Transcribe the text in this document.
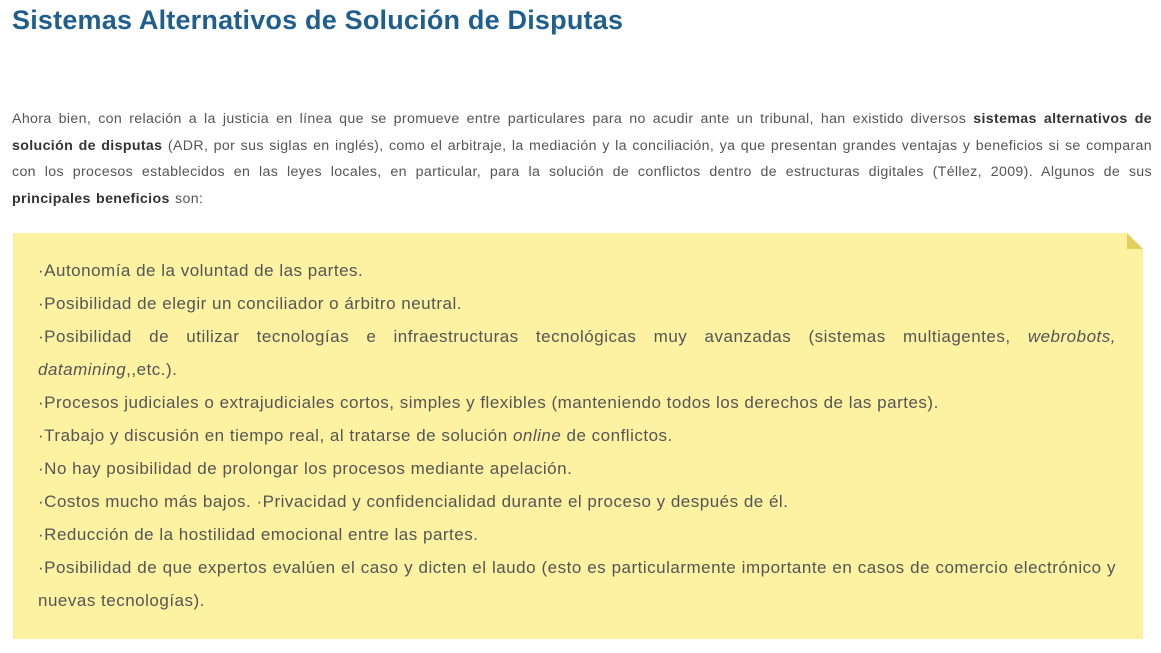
Sistemas Alternativos de Solución de Disputas

Ahora bien, con relación a la justicia en línea que se promueve entre particulares para no acudir ante un tribunal, han existido diversos sistemas alternativos de solución de disputas (ADR, por sus siglas en inglés), como el arbitraje, la mediación y la conciliación, ya que presentan grandes ventajas y beneficios si se comparan con los procesos establecidos en las leyes locales, en particular, para la solución de conflictos dentro de estructuras digitales (Téllez, 2009). Algunos de sus principales beneficios son:

·Autonomía de la voluntad de las partes.
·Posibilidad de elegir un conciliador o árbitro neutral.
·Posibilidad de utilizar tecnologías e infraestructuras tecnológicas muy avanzadas (sistemas multiagentes, webrobots, datamining,,etc.).
·Procesos judiciales o extrajudiciales cortos, simples y flexibles (manteniendo todos los derechos de las partes).
·Trabajo y discusión en tiempo real, al tratarse de solución online de conflictos.
·No hay posibilidad de prolongar los procesos mediante apelación.
·Costos mucho más bajos. ·Privacidad y confidencialidad durante el proceso y después de él.
·Reducción de la hostilidad emocional entre las partes.
·Posibilidad de que expertos evalúen el caso y dicten el laudo (esto es particularmente importante en casos de comercio electrónico y nuevas tecnologías).
